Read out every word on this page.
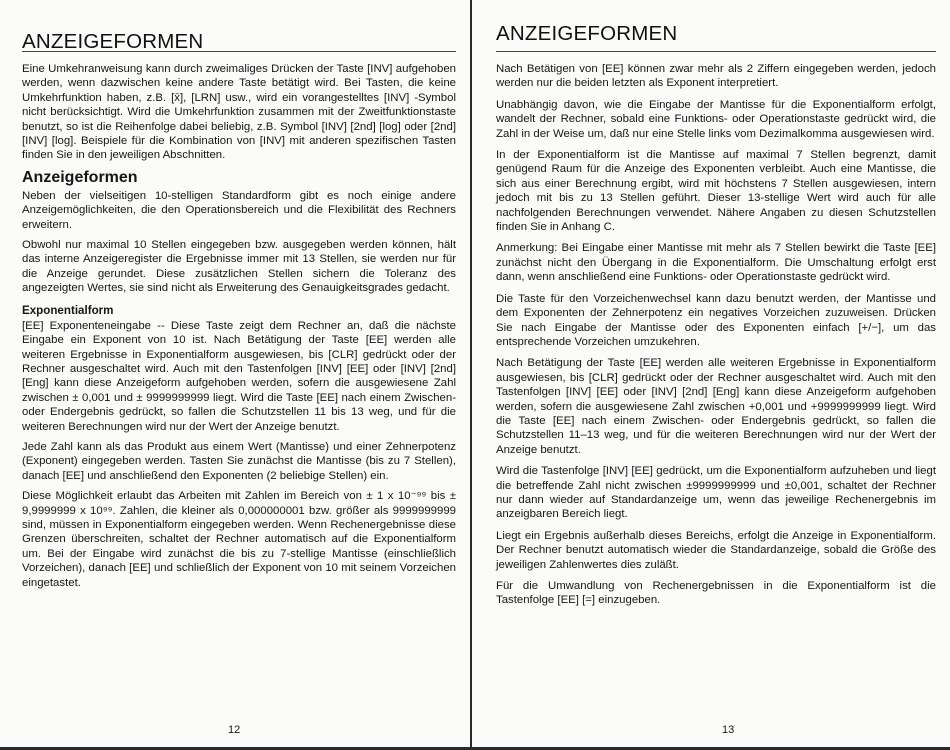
ANZEIGEFORMEN

Eine Umkehranweisung kann durch zweimaliges Drücken der Taste [INV] aufgehoben werden, wenn dazwischen keine andere Taste betätigt wird. Bei Tasten, die keine Umkehrfunktion haben, z.B. [x̄], [LRN] usw., wird ein vorangestelltes [INV] -Symbol nicht berücksichtigt. Wird die Umkehrfunktion zusammen mit der Zweitfunktionstaste benutzt, so ist die Reihenfolge dabei beliebig, z.B. Symbol [INV] [2nd] [log] oder [2nd] [INV] [log]. Beispiele für die Kombination von [INV] mit anderen spezifischen Tasten finden Sie in den jeweiligen Abschnitten.

Anzeigeformen

Neben der vielseitigen 10-stelligen Standardform gibt es noch einige andere Anzeigemöglichkeiten, die den Operationsbereich und die Flexibilität des Rechners erweitern.

Obwohl nur maximal 10 Stellen eingegeben bzw. ausgegeben werden können, hält das interne Anzeigeregister die Ergebnisse immer mit 13 Stellen, sie werden nur für die Anzeige gerundet. Diese zusätzlichen Stellen sichern die Toleranz des angezeigten Wertes, sie sind nicht als Erweiterung des Genauigkeitsgrades gedacht.

Exponentialform

[EE] Exponenteneingabe -- Diese Taste zeigt dem Rechner an, daß die nächste Eingabe ein Exponent von 10 ist. Nach Betätigung der Taste [EE] werden alle weiteren Ergebnisse in Exponentialform ausgewiesen, bis [CLR] gedrückt oder der Rechner ausgeschaltet wird. Auch mit den Tastenfolgen [INV] [EE] oder [INV] [2nd] [Eng] kann diese Anzeigeform aufgehoben werden, sofern die ausgewiesene Zahl zwischen ± 0,001 und ± 9999999999 liegt. Wird die Taste [EE] nach einem Zwischen- oder Endergebnis gedrückt, so fallen die Schutzstellen 11 bis 13 weg, und für die weiteren Berechnungen wird nur der Wert der Anzeige benutzt.

Jede Zahl kann als das Produkt aus einem Wert (Mantisse) und einer Zehnerpotenz (Exponent) eingegeben werden. Tasten Sie zunächst die Mantisse (bis zu 7 Stellen), danach [EE] und anschließend den Exponenten (2 beliebige Stellen) ein.

Diese Möglichkeit erlaubt das Arbeiten mit Zahlen im Bereich von ± 1 x 10⁻⁹⁹ bis ± 9,9999999 x 10⁹⁹. Zahlen, die kleiner als 0,000000001 bzw. größer als 9999999999 sind, müssen in Exponentialform eingegeben werden. Wenn Rechenergebnisse diese Grenzen überschreiten, schaltet der Rechner automatisch auf die Exponentialform um. Bei der Eingabe wird zunächst die bis zu 7-stellige Mantisse (einschließlich Vorzeichen), danach [EE] und schließlich der Exponent von 10 mit seinem Vorzeichen eingetastet.

12
ANZEIGEFORMEN

Nach Betätigen von [EE] können zwar mehr als 2 Ziffern eingegeben werden, jedoch werden nur die beiden letzten als Exponent interpretiert.

Unabhängig davon, wie die Eingabe der Mantisse für die Exponentialform erfolgt, wandelt der Rechner, sobald eine Funktions- oder Operationstaste gedrückt wird, die Zahl in der Weise um, daß nur eine Stelle links vom Dezimalkomma ausgewiesen wird.

In der Exponentialform ist die Mantisse auf maximal 7 Stellen begrenzt, damit genügend Raum für die Anzeige des Exponenten verbleibt. Auch eine Mantisse, die sich aus einer Berechnung ergibt, wird mit höchstens 7 Stellen ausgewiesen, intern jedoch mit bis zu 13 Stellen geführt. Dieser 13-stellige Wert wird auch für alle nachfolgenden Berechnungen verwendet. Nähere Angaben zu diesen Schutzstellen finden Sie in Anhang C.

Anmerkung: Bei Eingabe einer Mantisse mit mehr als 7 Stellen bewirkt die Taste [EE] zunächst nicht den Übergang in die Exponentialform. Die Umschaltung erfolgt erst dann, wenn anschließend eine Funktions- oder Operationstaste gedrückt wird.

Die Taste für den Vorzeichenwechsel kann dazu benutzt werden, der Mantisse und dem Exponenten der Zehnerpotenz ein negatives Vorzeichen zuzuweisen. Drücken Sie nach Eingabe der Mantisse oder des Exponenten einfach [+/−], um das entsprechende Vorzeichen umzukehren.

Nach Betätigung der Taste [EE] werden alle weiteren Ergebnisse in Exponentialform ausgewiesen, bis [CLR] gedrückt oder der Rechner ausgeschaltet wird. Auch mit den Tastenfolgen [INV] [EE] oder [INV] [2nd] [Eng] kann diese Anzeigeform aufgehoben werden, sofern die ausgewiesene Zahl zwischen +0,001 und +9999999999 liegt. Wird die Taste [EE] nach einem Zwischen- oder Endergebnis gedrückt, so fallen die Schutzstellen 11–13 weg, und für die weiteren Berechnungen wird nur der Wert der Anzeige benutzt.

Wird die Tastenfolge [INV] [EE] gedrückt, um die Exponentialform aufzuheben und liegt die betreffende Zahl nicht zwischen ±9999999999 und ±0,001, schaltet der Rechner nur dann wieder auf Standardanzeige um, wenn das jeweilige Rechenergebnis im anzeigbaren Bereich liegt.

Liegt ein Ergebnis außerhalb dieses Bereichs, erfolgt die Anzeige in Exponentialform. Der Rechner benutzt automatisch wieder die Standardanzeige, sobald die Größe des jeweiligen Zahlenwertes dies zuläßt.

Für die Umwandlung von Rechenergebnissen in die Exponentialform ist die Tastenfolge [EE] [=] einzugeben.

13
